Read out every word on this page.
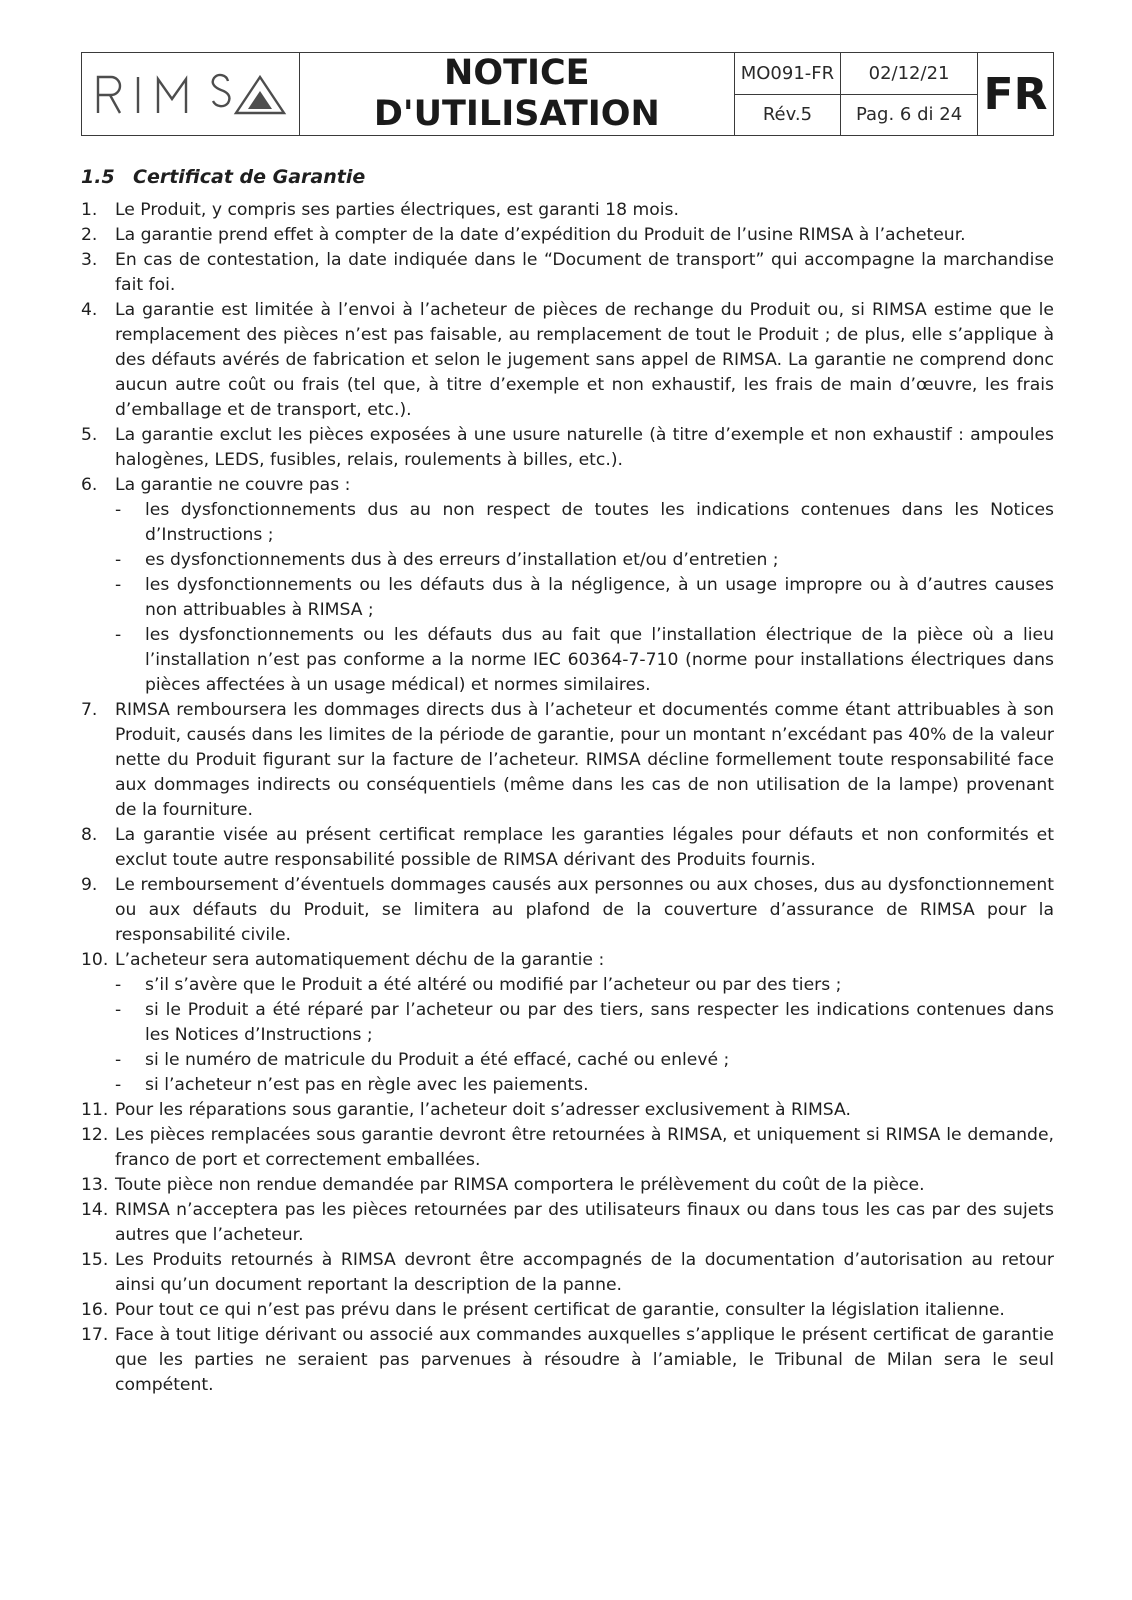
NOTICE
D'UTILISATION	MO091-FR	02/12/21	FR
		Rév.5	Pag. 6 di 24	
1.5 Certificat de Garantie
1. Le Produit, y compris ses parties électriques, est garanti 18 mois.
2. La garantie prend effet à compter de la date d’expédition du Produit de l’usine RIMSA à l’acheteur.
3. En cas de contestation, la date indiquée dans le “Document de transport” qui accompagne la marchandise fait foi.
4. La garantie est limitée à l’envoi à l’acheteur de pièces de rechange du Produit ou, si RIMSA estime que le remplacement des pièces n’est pas faisable, au remplacement de tout le Produit ; de plus, elle s’applique à des défauts avérés de fabrication et selon le jugement sans appel de RIMSA. La garantie ne comprend donc aucun autre coût ou frais (tel que, à titre d’exemple et non exhaustif, les frais de main d’œuvre, les frais d’emballage et de transport, etc.).
5. La garantie exclut les pièces exposées à une usure naturelle (à titre d’exemple et non exhaustif : ampoules halogènes, LEDS, fusibles, relais, roulements à billes, etc.).
6. La garantie ne couvre pas :
- les dysfonctionnements dus au non respect de toutes les indications contenues dans les Notices d’Instructions ;
- es dysfonctionnements dus à des erreurs d’installation et/ou d’entretien ;
- les dysfonctionnements ou les défauts dus à la négligence, à un usage impropre ou à d’autres causes non attribuables à RIMSA ;
- les dysfonctionnements ou les défauts dus au fait que l’installation électrique de la pièce où a lieu l’installation n’est pas conforme a la norme IEC 60364-7-710 (norme pour installations électriques dans pièces affectées à un usage médical) et normes similaires.
7. RIMSA remboursera les dommages directs dus à l’acheteur et documentés comme étant attribuables à son Produit, causés dans les limites de la période de garantie, pour un montant n’excédant pas 40% de la valeur nette du Produit figurant sur la facture de l’acheteur. RIMSA décline formellement toute responsabilité face aux dommages indirects ou conséquentiels (même dans les cas de non utilisation de la lampe) provenant de la fourniture.
8. La garantie visée au présent certificat remplace les garanties légales pour défauts et non conformités et exclut toute autre responsabilité possible de RIMSA dérivant des Produits fournis.
9. Le remboursement d’éventuels dommages causés aux personnes ou aux choses, dus au dysfonctionnement ou aux défauts du Produit, se limitera au plafond de la couverture d’assurance de RIMSA pour la responsabilité civile.
10. L’acheteur sera automatiquement déchu de la garantie :
- s’il s’avère que le Produit a été altéré ou modifié par l’acheteur ou par des tiers ;
- si le Produit a été réparé par l’acheteur ou par des tiers, sans respecter les indications contenues dans les Notices d’Instructions ;
- si le numéro de matricule du Produit a été effacé, caché ou enlevé ;
- si l’acheteur n’est pas en règle avec les paiements.
11. Pour les réparations sous garantie, l’acheteur doit s’adresser exclusivement à RIMSA.
12. Les pièces remplacées sous garantie devront être retournées à RIMSA, et uniquement si RIMSA le demande, franco de port et correctement emballées.
13. Toute pièce non rendue demandée par RIMSA comportera le prélèvement du coût de la pièce.
14. RIMSA n’acceptera pas les pièces retournées par des utilisateurs finaux ou dans tous les cas par des sujets autres que l’acheteur.
15. Les Produits retournés à RIMSA devront être accompagnés de la documentation d’autorisation au retour ainsi qu’un document reportant la description de la panne.
16. Pour tout ce qui n’est pas prévu dans le présent certificat de garantie, consulter la législation italienne.
17. Face à tout litige dérivant ou associé aux commandes auxquelles s’applique le présent certificat de garantie que les parties ne seraient pas parvenues à résoudre à l’amiable, le Tribunal de Milan sera le seul compétent.
